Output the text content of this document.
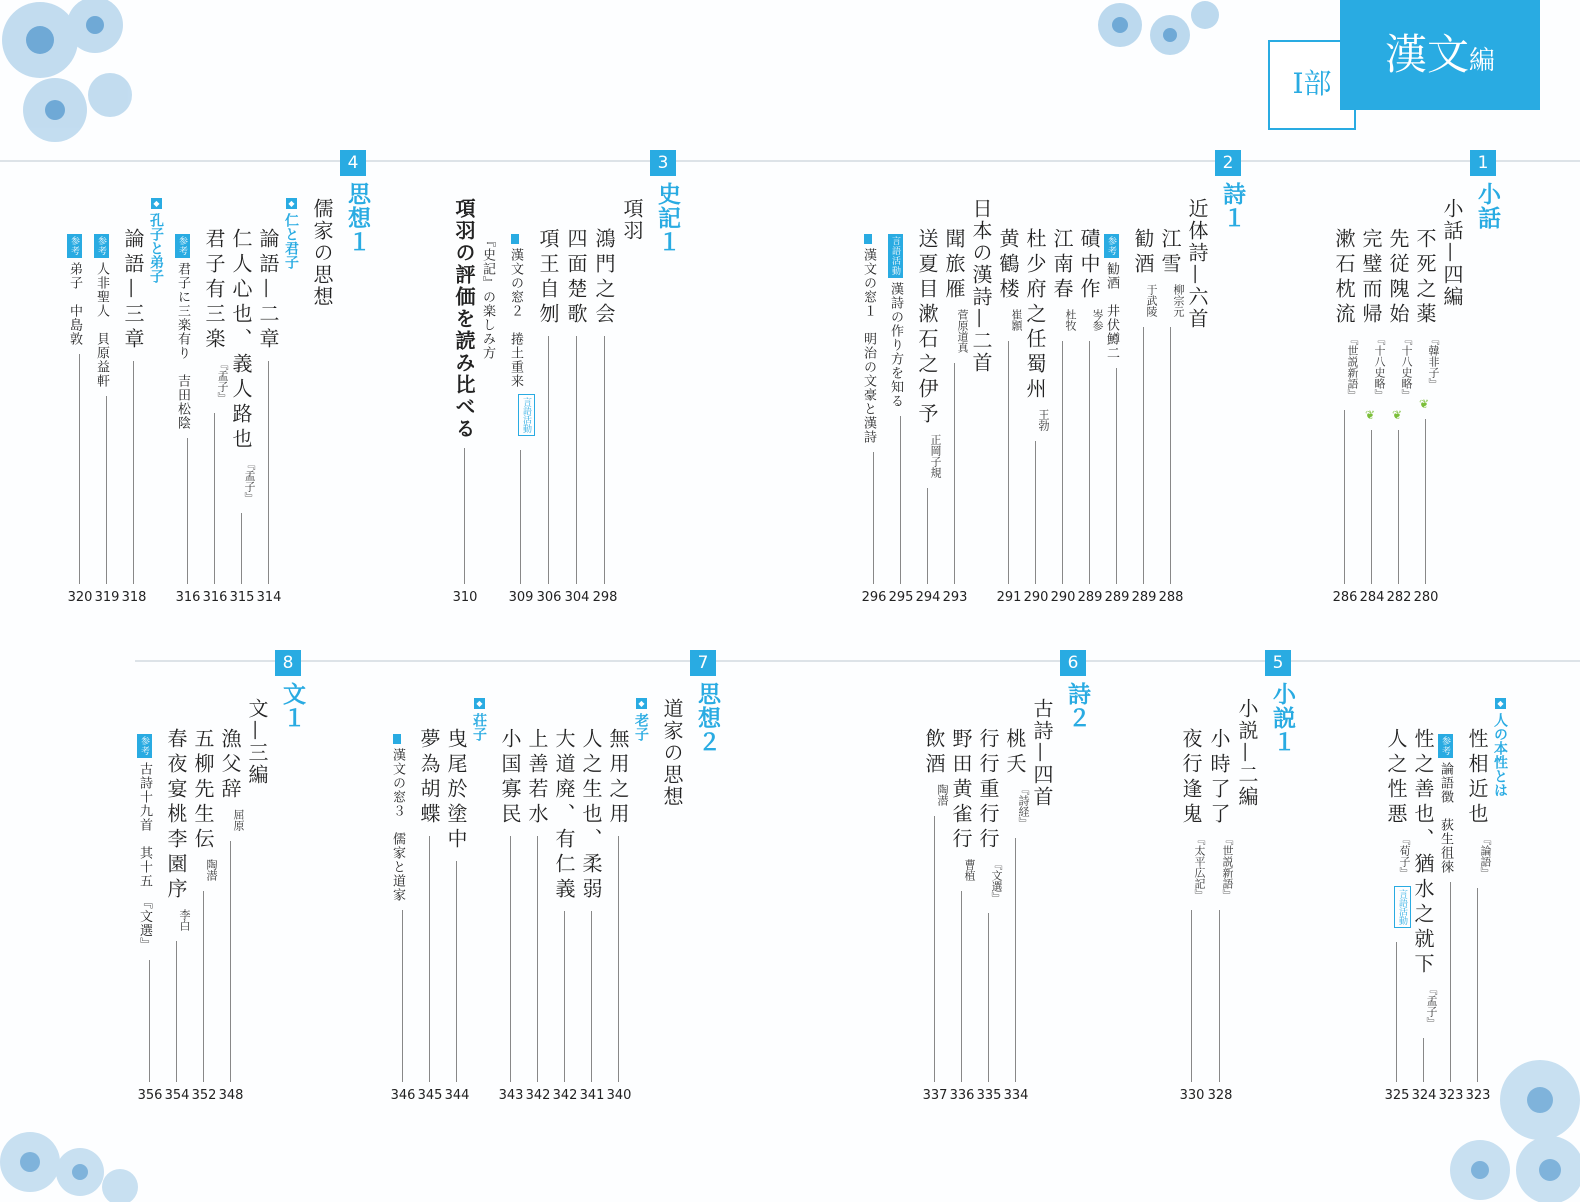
Ⅰ部
漢文編
1
小話
小話—四編
不死之薬
『韓非子』
❦
280
先従隗始
『十八史略』
❦
282
完璧而帰
『十八史略』
❦
284
漱石枕流
『世説新語』
286
2
詩１
近体詩—六首
江雪
柳宗元
288
勧酒
于武陵
289
参考勧酒　井伏鱒二
289
磧中作
岑参
289
江南春
杜牧
290
杜少府之任蜀州
王勃
290
黄鶴楼
崔顥
291
日本の漢詩—二首
聞旅雁
菅原道真
293
送夏目漱石之伊予
正岡子規
294
言語活動漢詩の作り方を知る
295
漢文の窓１　明治の文豪と漢詩
296
3
史記１
項羽
鴻門之会
298
四面楚歌
304
項王自刎
306
漢文の窓２　捲土重来
言語活動
309
『史記』の楽しみ方
項羽の評価を読み比べる
310
4
思想１
儒家の思想
◆仁と君子
論語—二章
314
仁人心也、義人路也
『孟子』
315
君子有三楽
『孟子』
316
参考君子に三楽有り　吉田松陰
316
◆孔子と弟子
論語—三章
318
参考人非聖人　貝原益軒
319
参考弟子　中島敦
320
◆人の本性とは
性相近也
『論語』
323
参考論語徴　荻生徂徠
323
性之善也、猶水之就下
『孟子』
324
人之性悪
『荀子』
言語活動
325
5
小説１
小説—二編
小時了了
『世説新語』
328
夜行逢鬼
『太平広記』
330
6
詩２
古詩—四首
桃夭
『詩経』
334
行行重行行
『文選』
335
野田黄雀行
曹植
336
飲酒
陶潜
337
7
思想２
道家の思想
◆老子
無用之用
340
人之生也、柔弱
341
大道廃、有仁義
342
上善若水
342
小国寡民
343
◆荘子
曳尾於塗中
344
夢為胡蝶
345
漢文の窓３　儒家と道家
346
8
文１
文—三編
漁父辞
屈原
348
五柳先生伝
陶潜
352
春夜宴桃李園序
李白
354
参考古詩十九首　其十五　『文選』
356
